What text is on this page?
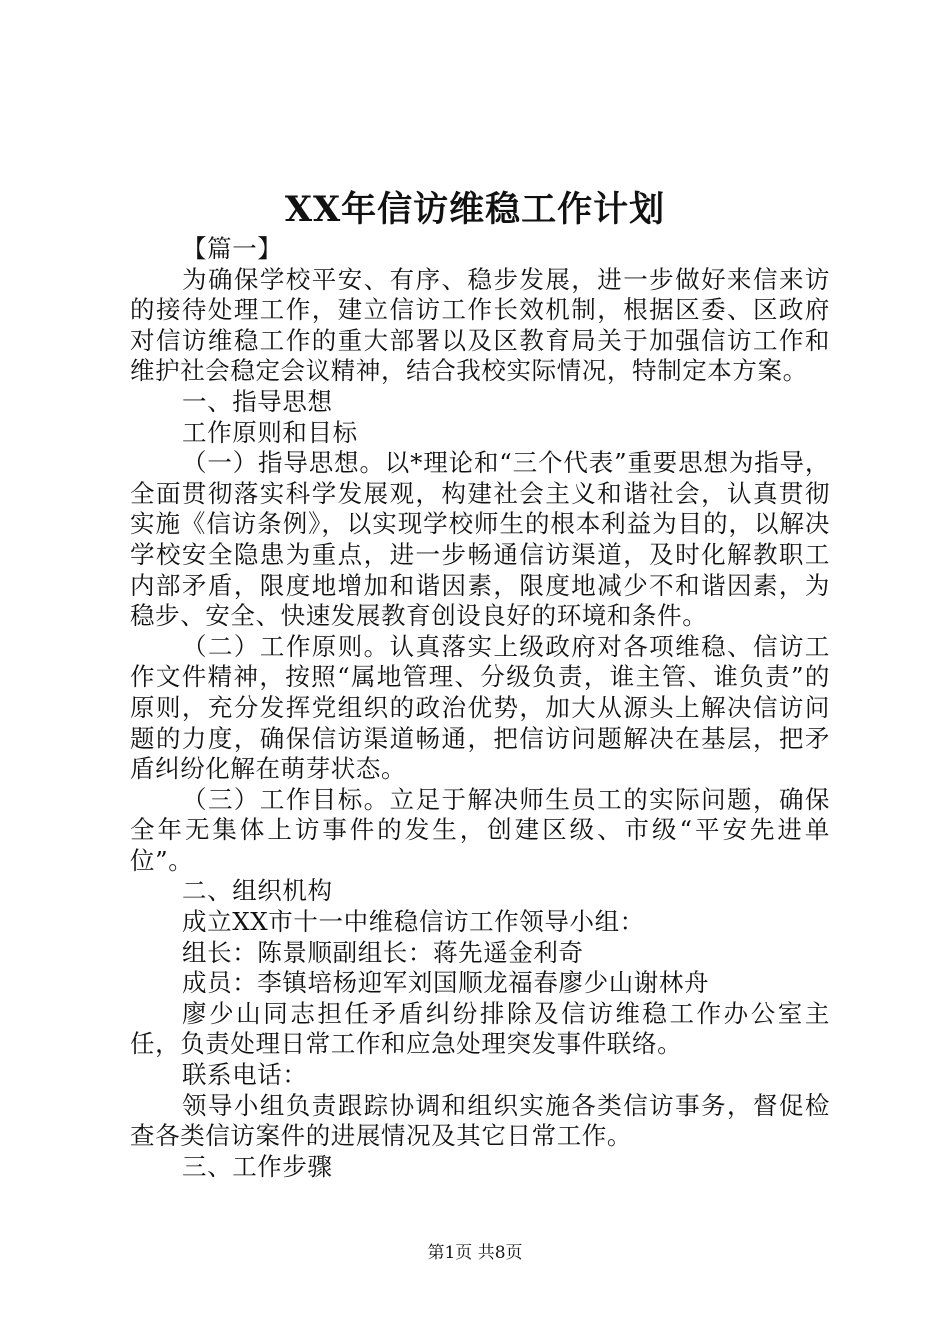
XX年信访维稳工作计划

【篇一】

为确保学校平安、有序、稳步发展，进一步做好来信来访的接待处理工作，建立信访工作长效机制，根据区委、区政府对信访维稳工作的重大部署以及区教育局关于加强信访工作和维护社会稳定会议精神，结合我校实际情况，特制定本方案。

一、指导思想

工作原则和目标

（一）指导思想。以*理论和“三个代表”重要思想为指导，全面贯彻落实科学发展观，构建社会主义和谐社会，认真贯彻实施《信访条例》，以实现学校师生的根本利益为目的，以解决学校安全隐患为重点，进一步畅通信访渠道，及时化解教职工内部矛盾，限度地增加和谐因素，限度地减少不和谐因素，为稳步、安全、快速发展教育创设良好的环境和条件。

（二）工作原则。认真落实上级政府对各项维稳、信访工作文件精神，按照“属地管理、分级负责，谁主管、谁负责”的原则，充分发挥党组织的政治优势，加大从源头上解决信访问题的力度，确保信访渠道畅通，把信访问题解决在基层，把矛盾纠纷化解在萌芽状态。

（三）工作目标。立足于解决师生员工的实际问题，确保全年无集体上访事件的发生，创建区级、市级“平安先进单位”。

二、组织机构

成立XX市十一中维稳信访工作领导小组：

组长：陈景顺副组长：蒋先遥金利奇

成员：李镇培杨迎军刘国顺龙福春廖少山谢林舟

廖少山同志担任矛盾纠纷排除及信访维稳工作办公室主任，负责处理日常工作和应急处理突发事件联络。

联系电话：

领导小组负责跟踪协调和组织实施各类信访事务，督促检查各类信访案件的进展情况及其它日常工作。

三、工作步骤

第1页 共8页
